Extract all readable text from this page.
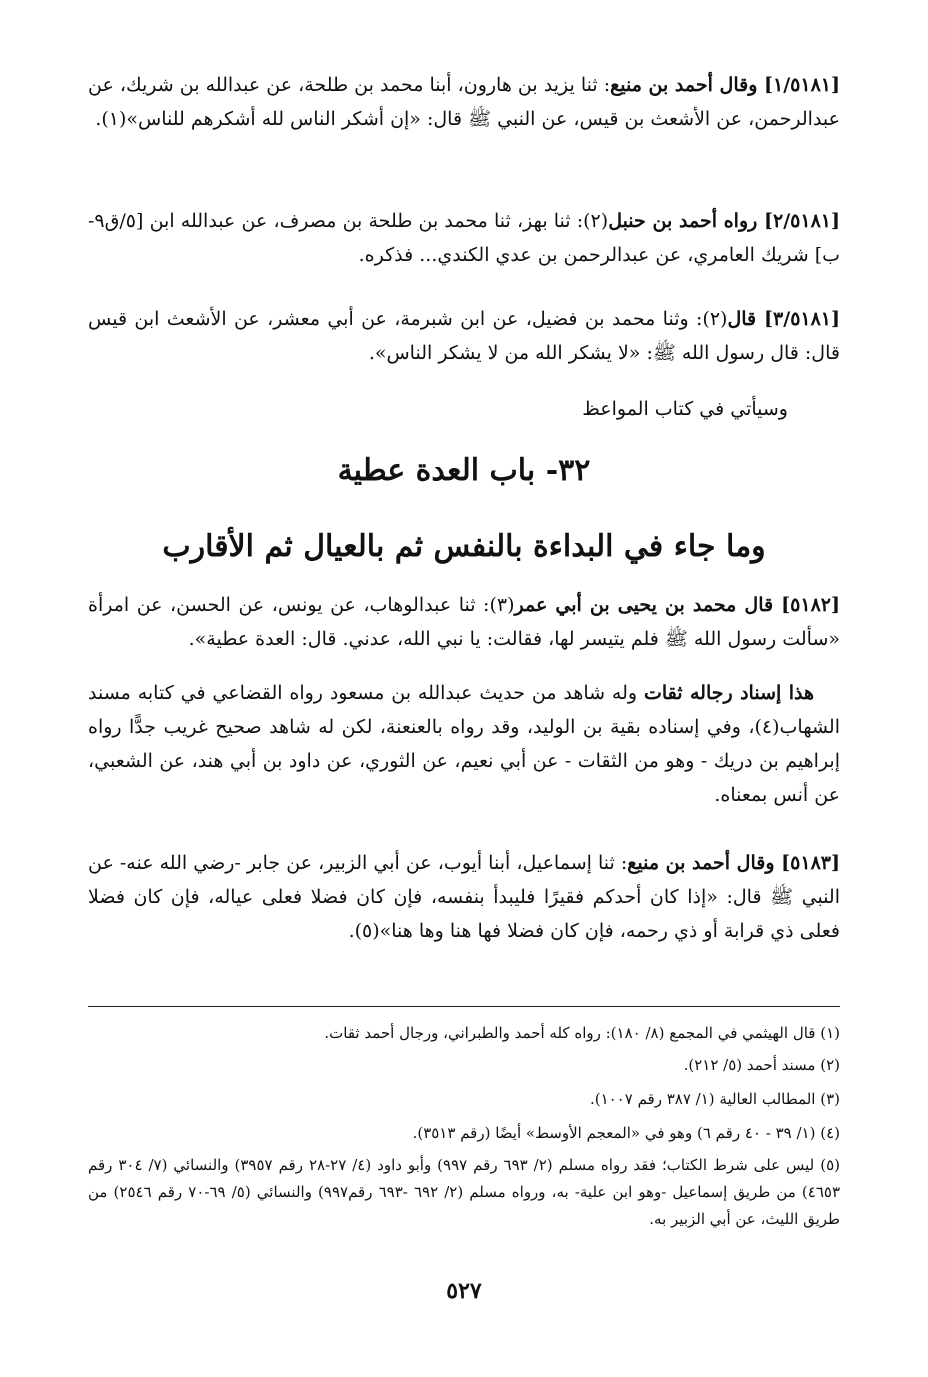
[١/٥١٨١] وقال أحمد بن منيع: ثنا يزيد بن هارون، أبنا محمد بن طلحة، عن عبدالله بن شريك، عن عبدالرحمن، عن الأشعث بن قيس، عن النبي ﷺ قال: «إن أشكر الناس لله أشكرهم للناس»(١).

[٢/٥١٨١] رواه أحمد بن حنبل(٢): ثنا بهز، ثنا محمد بن طلحة بن مصرف، عن عبدالله ابن [٥/ق٩-ب] شريك العامري، عن عبدالرحمن بن عدي الكندي... فذكره.

[٣/٥١٨١] قال(٢): وثنا محمد بن فضيل، عن ابن شبرمة، عن أبي معشر، عن الأشعث ابن قيس قال: قال رسول الله ﷺ: «لا يشكر الله من لا يشكر الناس».

وسيأتي في كتاب المواعظ

٣٢- باب العدة عطية
وما جاء في البداءة بالنفس ثم بالعيال ثم الأقارب

[٥١٨٢] قال محمد بن يحيى بن أبي عمر(٣): ثنا عبدالوهاب، عن يونس، عن الحسن، عن امرأة «سألت رسول الله ﷺ فلم يتيسر لها، فقالت: يا نبي الله، عدني. قال: العدة عطية».

هذا إسناد رجاله ثقات وله شاهد من حديث عبدالله بن مسعود رواه القضاعي في كتابه مسند الشهاب(٤)، وفي إسناده بقية بن الوليد، وقد رواه بالعنعنة، لكن له شاهد صحيح غريب جدًّا رواه إبراهيم بن دريك - وهو من الثقات - عن أبي نعيم، عن الثوري، عن داود بن أبي هند، عن الشعبي، عن أنس بمعناه.

[٥١٨٣] وقال أحمد بن منيع: ثنا إسماعيل، أبنا أيوب، عن أبي الزبير، عن جابر -رضي الله عنه- عن النبي ﷺ قال: «إذا كان أحدكم فقيرًا فليبدأ بنفسه، فإن كان فضلا فعلى عياله، فإن كان فضلا فعلى ذي قرابة أو ذي رحمه، فإن كان فضلا فها هنا وها هنا»(٥).

(١) قال الهيثمي في المجمع (٨/ ١٨٠): رواه كله أحمد والطبراني، ورجال أحمد ثقات.
(٢) مسند أحمد (٥/ ٢١٢).
(٣) المطالب العالية (١/ ٣٨٧ رقم ١٠٠٧).
(٤) (١/ ٣٩ - ٤٠ رقم ٦) وهو في «المعجم الأوسط» أيضًا (رقم ٣٥١٣).
(٥) ليس على شرط الكتاب؛ فقد رواه مسلم (٢/ ٦٩٣ رقم ٩٩٧) وأبو داود (٤/ ٢٧-٢٨ رقم ٣٩٥٧) والنسائي (٧/ ٣٠٤ رقم ٤٦٥٣) من طريق إسماعيل -وهو ابن علية- به، ورواه مسلم (٢/ ٦٩٢ -٦٩٣ رقم٩٩٧) والنسائي (٥/ ٦٩-٧٠ رقم ٢٥٤٦) من طريق الليث، عن أبي الزبير به.
٥٢٧
